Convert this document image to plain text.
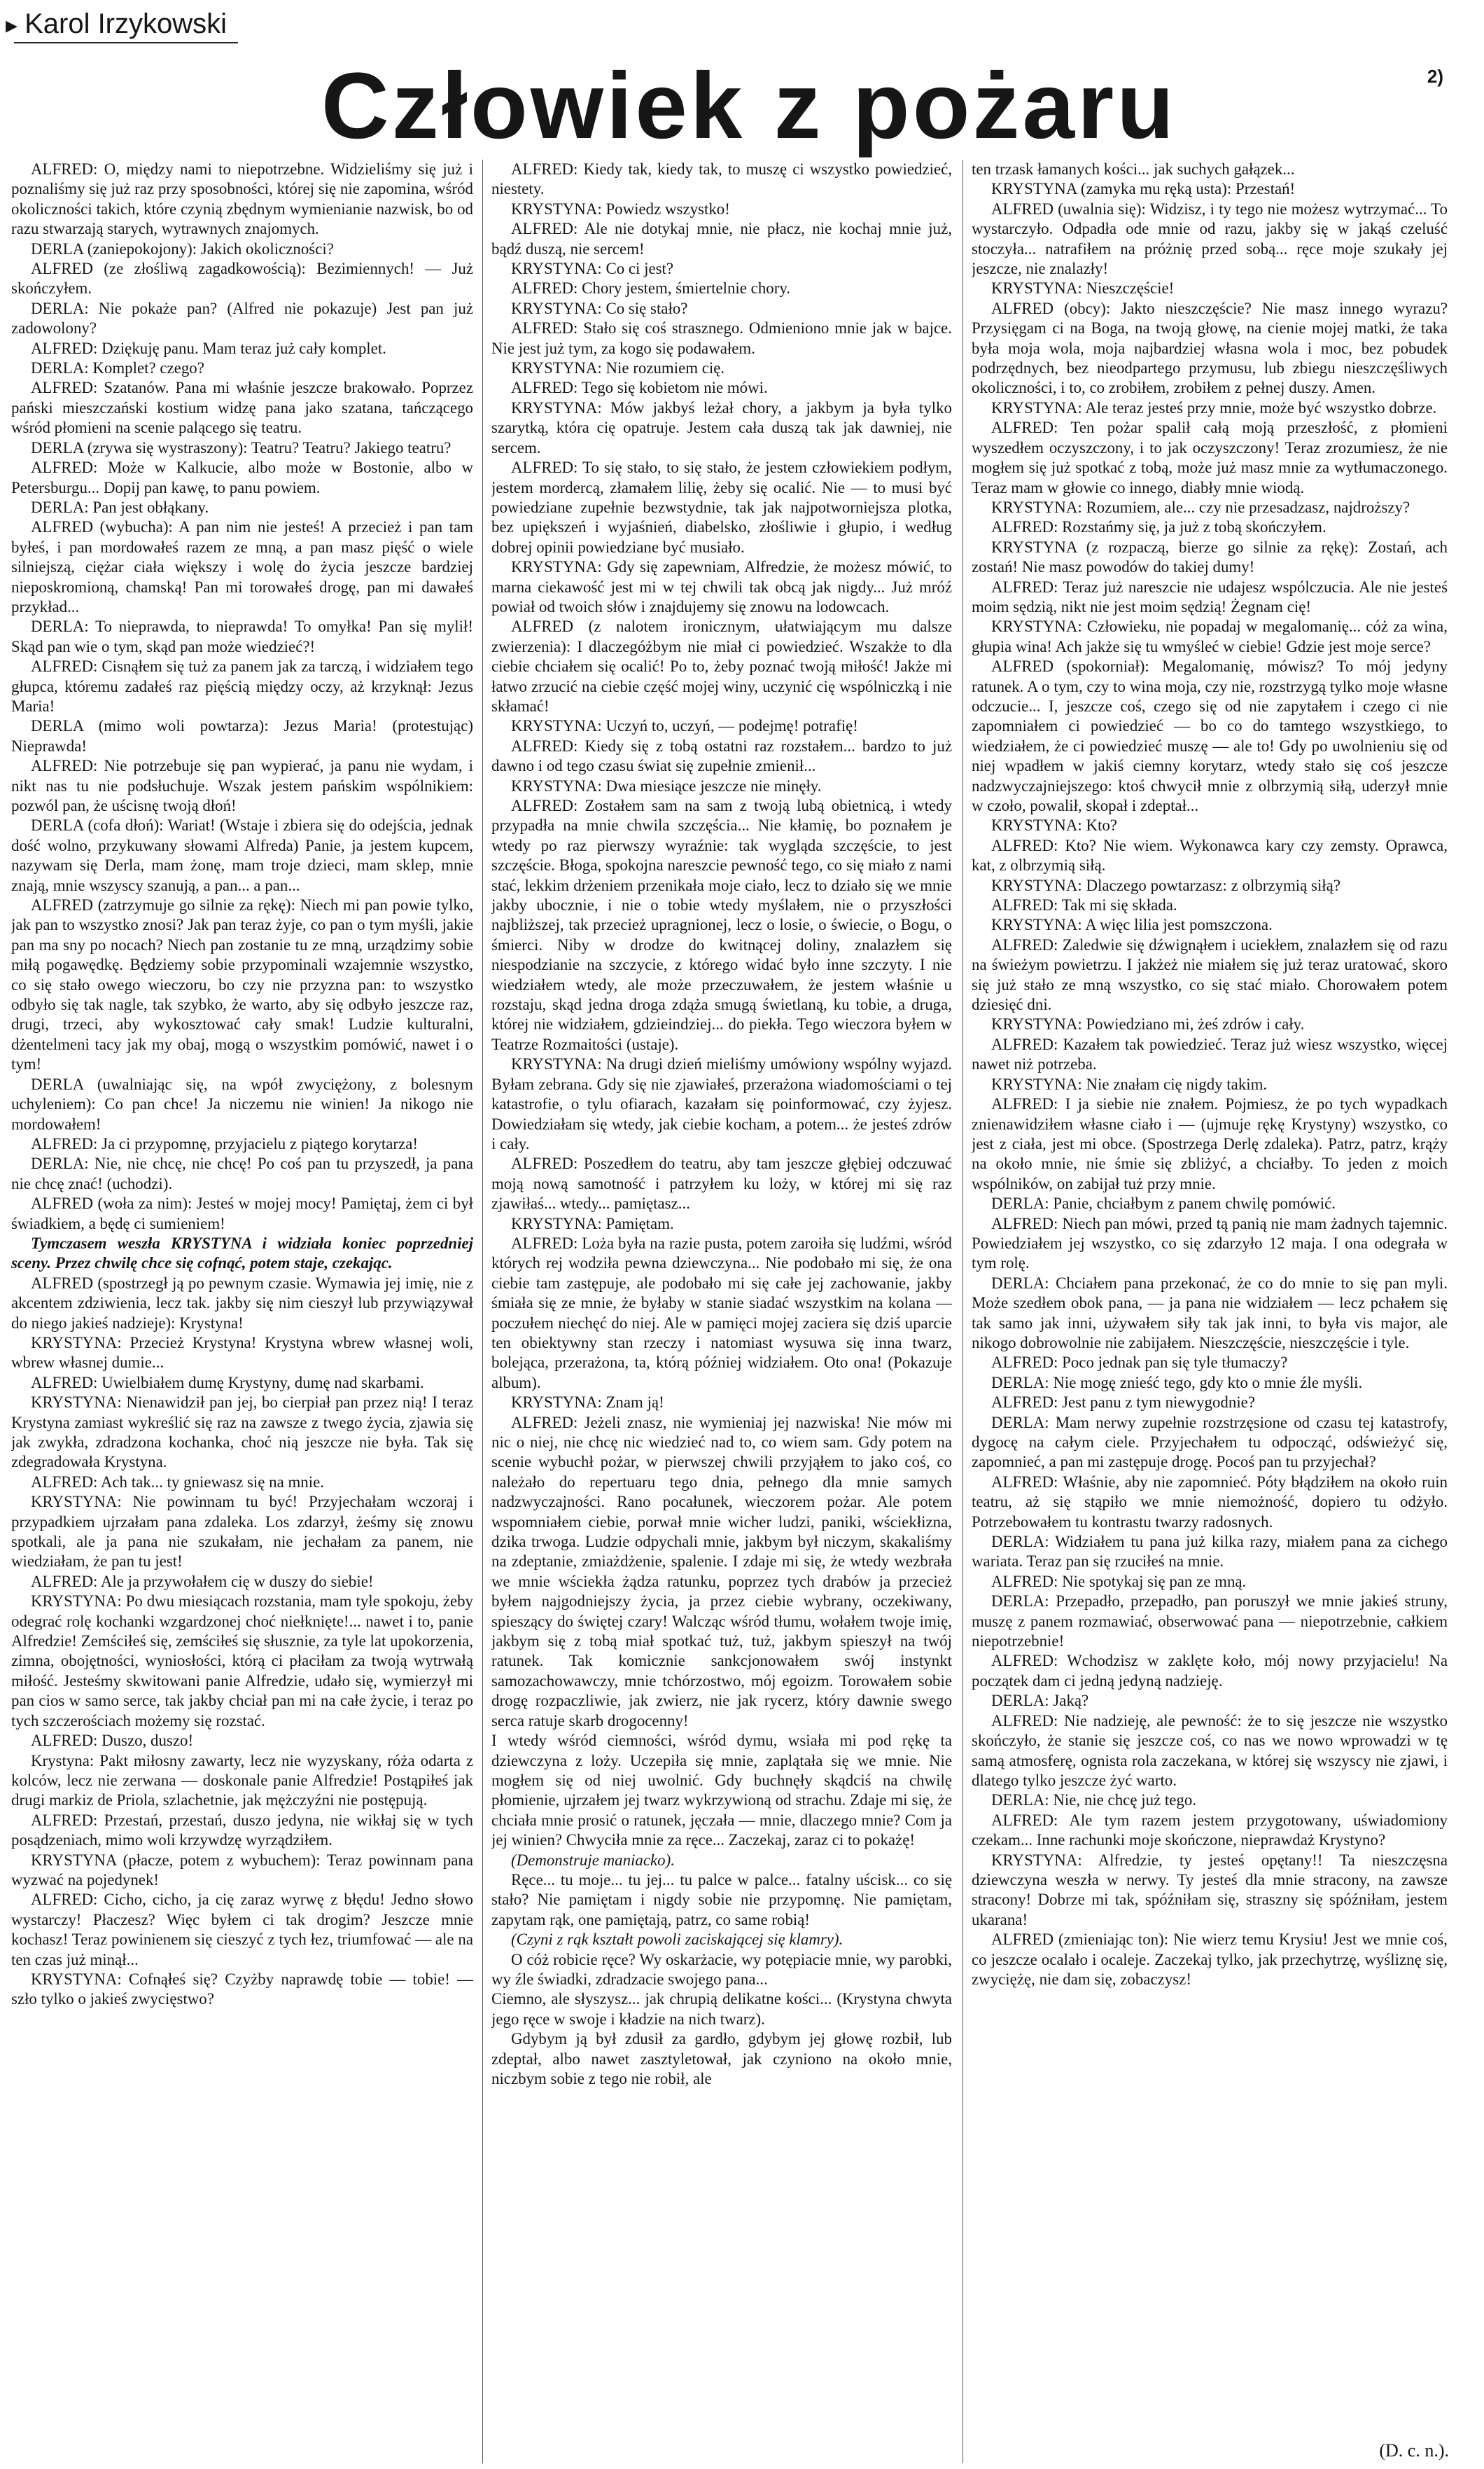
▸ Karol Irzykowski
Człowiek z pożaru	2)

ALFRED: O, między nami to niepotrzebne. Widzieliśmy się już i poznaliśmy się już raz przy sposobności, której się nie zapomina, wśród okoliczności takich, które czynią zbędnym wymienianie nazwisk, bo od razu stwarzają starych, wytrawnych znajomych.

DERLA (zaniepokojony): Jakich okoliczności?

ALFRED (ze złośliwą zagadkowością): Bezimiennych! — Już skończyłem.

DERLA: Nie pokaże pan? (Alfred nie pokazuje) Jest pan już zadowolony?

ALFRED: Dziękuję panu. Mam teraz już cały komplet.

DERLA: Komplet? czego?

ALFRED: Szatanów. Pana mi właśnie jeszcze brakowało. Poprzez pański mieszczański kostium widzę pana jako szatana, tańczącego wśród płomieni na scenie palącego się teatru.

DERLA (zrywa się wystraszony): Teatru? Teatru? Jakiego teatru?

ALFRED: Może w Kalkucie, albo może w Bostonie, albo w Petersburgu... Dopiј pan kawę, to panu powiem.

DERLA: Pan jest obłąkany.

ALFRED (wybucha): A pan nim nie jesteś! A przecież i pan tam byłeś, i pan mordowałeś razem ze mną, a pan masz pięść o wiele silniejszą, ciężar ciała większy i wolę do życia jeszcze bardziej nieposkromioną, chamską! Pan mi torowałeś drogę, pan mi dawałeś przykład...

DERLA: To nieprawda, to nieprawda! To omyłka! Pan się mylił! Skąd pan wie o tym, skąd pan może wiedzieć?!

ALFRED: Cisnąłem się tuż za panem jak za tarczą, i widziałem tego głupca, któremu zadałeś raz pięścią między oczy, aż krzyknął: Jezus Maria!

DERLA (mimo woli powtarza): Jezus Maria! (protestując) Nieprawda!

ALFRED: Nie potrzebuje się pan wypierać, ja panu nie wydam, i nikt nas tu nie podsłuchuje. Wszak jestem pańskim wspólnikiem: pozwól pan, że uścisnę twoją dłoń!

DERLA (cofa dłoń): Wariat! (Wstaje i zbiera się do odejścia, jednak dość wolno, przykuwany słowami Alfreda) Panie, ja jestem kupcem, nazywam się Derla, mam żonę, mam troje dzieci, mam sklep, mnie znają, mnie wszyscy szanują, a pan... a pan...

ALFRED (zatrzymuje go silnie za rękę): Niech mi pan powie tylko, jak pan to wszystko znosi? Jak pan teraz żyje, co pan o tym myśli, jakie pan ma sny po nocach? Niech pan zostanie tu ze mną, urządzimy sobie miłą pogawędkę. Będziemy sobie przypominali wzajemnie wszystko, co się stało owego wieczoru, bo czy nie przyzna pan: to wszystko odbyło się tak nagle, tak szybko, że warto, aby się odbyło jeszcze raz, drugi, trzeci, aby wykosztować cały smak! Ludzie kulturalni, dżentelmeni tacy jak my obaj, mogą o wszystkim pomówić, nawet i o tym!

DERLA (uwalniając się, na wpół zwyciężony, z bolesnym uchyleniem): Co pan chce! Ja niczemu nie winien! Ja nikogo nie mordowałem!

ALFRED: Ja ci przypomnę, przyjacielu z piątego korytarza!

DERLA: Nie, nie chcę, nie chcę! Po coś pan tu przyszedł, ja pana nie chcę znać! (uchodzi).

ALFRED (woła za nim): Jesteś w mojej mocy! Pamiętaj, żem ci był świadkiem, a będę ci sumieniem!

Tymczasem weszła KRYSTYNA i widziała koniec poprzedniej sceny. Przez chwilę chce się cofnąć, potem staje, czekając.

ALFRED (spostrzegł ją po pewnym czasie. Wymawia jej imię, nie z akcentem zdziwienia, lecz tak. jakby się nim cieszył lub przywiązywał do niego jakieś nadzieje): Krystyna!

KRYSTYNA: Przecież Krystyna! Krystyna wbrew własnej woli, wbrew własnej dumie...

ALFRED: Uwielbiałem dumę Krystyny, dumę nad skarbami.

KRYSTYNA: Nienawidził pan jej, bo cierpiał pan przez nią! I teraz Krystyna zamiast wykreślić się raz na zawsze z twego życia, zjawia się jak zwykła, zdradzona kochanka, choć nią jeszcze nie była. Tak się zdegradowała Krystyna.

ALFRED: Ach tak... ty gniewasz się na mnie.

KRYSTYNA: Nie powinnam tu być! Przyjechałam wczoraj i przypadkiem ujrzałam pana zdaleka. Los zdarzył, żeśmy się znowu spotkali, ale ja pana nie szukałam, nie jechałam za panem, nie wiedziałam, że pan tu jest!

ALFRED: Ale ja przywołałem cię w duszy do siebie!

KRYSTYNA: Po dwu miesiącach rozstania, mam tyle spokoju, żeby odegrać rolę kochanki wzgardzonej choć niełknięte!... nawet i to, panie Alfredzie! Zemściłeś się, zemściłeś się słusznie, za tyle lat upokorzenia, zimna, obojętności, wyniosłości, którą ci płaciłam za twoją wytrwałą miłość. Jesteśmy skwitowani panie Alfredzie, udało się, wymierzył mi pan cios w samo serce, tak jakby chciał pan mi na całe życie, i teraz po tych szczerościach możemy się rozstać.

ALFRED: Duszo, duszo!

Krystyna: Pakt miłosny zawarty, lecz nie wyzyskany, róża odarta z kolców, lecz nie zerwana — doskonale panie Alfredzie! Postąpiłeś jak drugi markiz de Priola, szlachetnie, jak mężczyźni nie postępują.

ALFRED: Przestań, przestań, duszo jedyna, nie wikłaj się w tych posądzeniach, mimo woli krzywdzę wyrządziłem.

KRYSTYNA (płacze, potem z wybuchem): Teraz powinnam pana wyzwać na pojedynek!

ALFRED: Cicho, cicho, ja cię zaraz wyrwę z błędu! Jedno słowo wystarczy! Płaczesz? Więc byłem ci tak drogim? Jeszcze mnie kochasz! Teraz powinienem się cieszyć z tych łez, triumfować — ale na ten czas już minął...

KRYSTYNA: Cofnąłeś się? Czyżby naprawdę tobie — tobie! — szło tylko o jakieś zwycięstwo?

ALFRED: Kiedy tak, kiedy tak, to muszę ci wszystko powiedzieć, niestety.

KRYSTYNA: Powiedz wszystko!

ALFRED: Ale nie dotykaj mnie, nie płacz, nie kochaj mnie już, bądź duszą, nie sercem!

KRYSTYNA: Co ci jest?

ALFRED: Chory jestem, śmiertelnie chory.

KRYSTYNA: Co się stało?

ALFRED: Stało się coś strasznego. Odmieniono mnie jak w bajce. Nie jest już tym, za kogo się podawałem.

KRYSTYNA: Nie rozumiem cię.

ALFRED: Tego się kobietom nie mówi.

KRYSTYNA: Mów jakbyś leżał chory, a jakbym ja była tylko szarytką, która cię opatruje. Jestem cała duszą tak jak dawniej, nie sercem.

ALFRED: To się stało, to się stało, że jestem człowiekiem podłym, jestem mordercą, złamałem lilię, żeby się ocalić. Nie — to musi być powiedziane zupełnie bezwstydnie, tak jak najpotworniejsza plotka, bez upiększeń i wyjaśnień, diabelsko, złośliwie i głupio, i według dobrej opinii powiedziane być musiało.

KRYSTYNA: Gdy się zapewniam, Alfredzie, że możesz mówić, to marna ciekawość jest mi w tej chwili tak obcą jak nigdy... Już mróź powiał od twoich słów i znajdujemy się znowu na lodowcach.

ALFRED (z nalotem ironicznym, ułatwiającym mu dalsze zwierzenia): I dlaczegóżbym nie miał ci powiedzieć. Wszakże to dla ciebie chciałem się ocalić! Po to, żeby poznać twoją miłość! Jakże mi łatwo zrzucić na ciebie część mojej winy, uczynić cię wspólniczką i nie skłamać!

KRYSTYNA: Uczyń to, uczyń, — podejmę! potrafię!

ALFRED: Kiedy się z tobą ostatni raz rozstałem... bardzo to już dawno i od tego czasu świat się zupełnie zmienił...

KRYSTYNA: Dwa miesiące jeszcze nie minęły.

ALFRED: Zostałem sam na sam z twoją lubą obietnicą, i wtedy przypadła na mnie chwila szczęścia... Nie kłamię, bo poznałem je wtedy po raz pierwszy wyraźnie: tak wygląda szczęście, to jest szczęście. Błoga, spokojna nareszcie pewność tego, co się miało z nami stać, lekkim drżeniem przenikała moje ciało, lecz to działo się we mnie jakby ubocznie, i nie o tobie wtedy myślałem, nie o przyszłości najbliższej, tak przecież upragnionej, lecz o losie, o świecie, o Bogu, o śmierci. Niby w drodze do kwitnącej doliny, znalazłem się niespodzianie na szczycie, z którego widać było inne szczyty. I nie wiedziałem wtedy, ale może przeczuwałem, że jestem właśnie u rozstaju, skąd jedna droga zdąża smugą świetlaną, ku tobie, a druga, której nie widziałem, gdzieindziej... do piekła. Tego wieczora byłem w Teatrze Rozmaitości (ustaje).

KRYSTYNA: Na drugi dzień mieliśmy umówiony wspólny wyjazd. Byłam zebrana. Gdy się nie zjawiałeś, przerażona wiadomościami o tej katastrofie, o tylu ofiarach, kazałam się poinformować, czy żyjesz. Dowiedziałam się wtedy, jak ciebie kocham, a potem... że jesteś zdrów i cały.

ALFRED: Poszedłem do teatru, aby tam jeszcze głębiej odczuwać moją nową samotność i patrzyłem ku loży, w której mi się raz zjawiłaś... wtedy... pamiętasz...

KRYSTYNA: Pamiętam.

ALFRED: Loża była na razie pusta, potem zaroiła się ludźmi, wśród których rej wodziła pewna dziewczyna... Nie podobało mi się, że ona ciebie tam zastępuje, ale podobało mi się całe jej zachowanie, jakby śmiała się ze mnie, że byłaby w stanie siadać wszystkim na kolana — poczułem niechęć do niej. Ale w pamięci mojej zaciera się dziś uparcie ten obiektywny stan rzeczy i natomiast wysuwa się inna twarz, bolejąca, przerażona, ta, którą później widziałem. Oto ona! (Pokazuje album).

KRYSTYNA: Znam ją!

ALFRED: Jeżeli znasz, nie wymieniaj jej nazwiska! Nie mów mi nic o niej, nie chcę nic wiedzieć nad to, co wiem sam. Gdy potem na scenie wybuchł pożar, w pierwszej chwili przyjąłem to jako coś, co należało do repertuaru tego dnia, pełnego dla mnie samych nadzwyczajności. Rano pocałunek, wieczorem pożar. Ale potem wspomniałem ciebie, porwał mnie wicher ludzi, paniki, wściekłizna, dzika trwoga. Ludzie odpychali mnie, jakbym był niczym, skakaliśmy na zdeptanie, zmiażdżenie, spalenie. I zdaje mi się, że wtedy wezbrała we mnie wściekła żądza ratunku, poprzez tych drabów ja przecież byłem najgodniejszy życia, ja przez ciebie wybrany, oczekiwany, spieszący do świętej czary! Walcząc wśród tłumu, wołałem twoje imię, jakbym się z tobą miał spotkać tuż, tuż, jakbym spieszył na twój ratunek. Tak komicznie sankcjonowałem swój instynkt samozachowawczy, mnie tchórzostwo, mój egoizm. Torowałem sobie drogę rozpaczliwie, jak zwierz, nie jak rycerz, który dawnie swego serca ratuje skarb drogocenny!

I wtedy wśród ciemności, wśród dymu, wsiała mi pod rękę ta dziewczyna z loży. Uczepiła się mnie, zaplątała się we mnie. Nie mogłem się od niej uwolnić. Gdy buchnęły skądciś na chwilę płomienie, ujrzałem jej twarz wykrzywioną od strachu. Zdaje mi się, że chciała mnie prosić o ratunek, jęczała — mnie, dlaczego mnie? Com ja jej winien? Chwyciła mnie za ręce... Zaczekaj, zaraz ci to pokażę!

(Demonstruje maniacko).

Ręce... tu moje... tu jej... tu palce w palce... fatalny uścisk... co się stało? Nie pamiętam i nigdy sobie nie przypomnę. Nie pamiętam, zapytam rąk, one pamiętają, patrz, co same robią!

(Czyni z rąk kształt powoli zaciskającej się klamry).

O cóż robicie ręce? Wy oskarżacie, wy potępiacie mnie, wy parobki, wy źle świadki, zdradzacie swojego pana...

Ciemno, ale słyszysz... jak chrupią delikatne kości... (Krystyna chwyta jego ręce w swoje i kładzie na nich twarz).

Gdybym ją był zdusił za gardło, gdybym jej głowę rozbił, lub zdeptał, albo nawet zasztyletował, jak czyniono na około mnie, niczbym sobie z tego nie robił, ale

ten trzask łamanych kości... jak suchych gałązek...

KRYSTYNA (zamyka mu ręką usta): Przestań!

ALFRED (uwalnia się): Widzisz, i ty tego nie możesz wytrzymać... To wystarczyło. Odpadła ode mnie od razu, jakby się w jakąś czeluść stoczyła... natrafiłem na próżnię przed sobą... ręce moje szukały jej jeszcze, nie znalazły!

KRYSTYNA: Nieszczęście!

ALFRED (obcy): Jakto nieszczęście? Nie masz innego wyrazu? Przysięgam ci na Boga, na twoją głowę, na cienie mojej matki, że taka była moja wola, moja najbardziej własna wola i moc, bez pobudek podrzędnych, bez nieodpartego przymusu, lub zbiegu nieszczęśliwych okoliczności, i to, co zrobiłem, zrobiłem z pełnej duszy. Amen.

KRYSTYNA: Ale teraz jesteś przy mnie, może być wszystko dobrze.

ALFRED: Ten pożar spalił całą moją przeszłość, z płomieni wyszedłem oczyszczony, i to jak oczyszczony! Teraz zrozumiesz, że nie mogłem się już spotkać z tobą, może już masz mnie za wytłumaczonego. Teraz mam w głowie co innego, diabły mnie wiodą.

KRYSTYNA: Rozumiem, ale... czy nie przesadzasz, najdroższy?

ALFRED: Rozstańmy się, ja już z tobą skończyłem.

KRYSTYNA (z rozpaczą, bierze go silnie za rękę): Zostań, ach zostań! Nie masz powodów do takiej dumy!

ALFRED: Teraz już nareszcie nie udajesz wspólczucia. Ale nie jesteś moim sędzią, nikt nie jest moim sędzią! Żegnam cię!

KRYSTYNA: Człowieku, nie popadaj w megalomanię... cóż za wina, głupia wina! Ach jakże się tu wmyśleć w ciebie! Gdzie jest moje serce?

ALFRED (spokorniał): Megalomanię, mówisz? To mój jedyny ratunek. A o tym, czy to wina moja, czy nie, rozstrzygą tylko moje własne odczucie... I, jeszcze coś, czego się od nie zapytałem i czego ci nie zapomniałem ci powiedzieć — bo co do tamtego wszystkiego, to wiedziałem, że ci powiedzieć muszę — ale to! Gdy po uwolnieniu się od niej wpadłem w jakiś ciemny korytarz, wtedy stało się coś jeszcze nadzwyczajniejszego: ktoś chwycił mnie z olbrzymią siłą, uderzył mnie w czoło, powalił, skopał i zdeptał...

KRYSTYNA: Kto?

ALFRED: Kto? Nie wiem. Wykonawca kary czy zemsty. Oprawca, kat, z olbrzymią siłą.

KRYSTYNA: Dlaczego powtarzasz: z olbrzymią siłą?

ALFRED: Tak mi się składa.

KRYSTYNA: A więc lilia jest pomszczona.

ALFRED: Zaledwie się dźwignąłem i uciekłem, znalazłem się od razu na świeżym powietrzu. I jakżeż nie miałem się już teraz uratować, skoro się już stało ze mną wszystko, co się stać miało. Chorowałem potem dziesięć dni.

KRYSTYNA: Powiedziano mi, żeś zdrów i cały.

ALFRED: Kazałem tak powiedzieć. Teraz już wiesz wszystko, więcej nawet niż potrzeba.

KRYSTYNA: Nie znałam cię nigdy takim.

ALFRED: I ja siebie nie znałem. Pojmiesz, że po tych wypadkach znienawidziłem własne ciało i — (ujmuje rękę Krystyny) wszystko, co jest z ciała, jest mi obce. (Spostrzega Derlę zdaleka). Patrz, patrz, krąży na około mnie, nie śmie się zbliżyć, a chciałby. To jeden z moich wspólników, on zabijał tuż przy mnie.

DERLA: Panie, chciałbym z panem chwilę pomówić.

ALFRED: Niech pan mówi, przed tą panią nie mam żadnych tajemnic. Powiedziałem jej wszystko, co się zdarzyło 12 maja. I ona odegrała w tym rolę.

DERLA: Chciałem pana przekonać, że co do mnie to się pan myli. Może szedłem obok pana, — ja pana nie widziałem — lecz pchałem się tak samo jak inni, używałem siły tak jak inni, to była vis major, ale nikogo dobrowolnie nie zabijałem. Nieszczęście, nieszczęście i tyle.

ALFRED: Poco jednak pan się tyle tłumaczy?

DERLA: Nie mogę znieść tego, gdy kto o mnie źle myśli.

ALFRED: Jest panu z tym niewygodnie?

DERLA: Mam nerwy zupełnie rozstrzęsione od czasu tej katastrofy, dygocę na całym ciele. Przyjechałem tu odpocząć, odświeżyć się, zapomnieć, a pan mi zastępuje drogę. Pocoś pan tu przyjechał?

ALFRED: Właśnie, aby nie zapomnieć. Póty błądziłem na około ruin teatru, aż się stąpiło we mnie niemożność, dopiero tu odżyło. Potrzebowałem tu kontrastu twarzy radosnych.

DERLA: Widziałem tu pana już kilka razy, miałem pana za cichego wariata. Teraz pan się rzuciłeś na mnie.

ALFRED: Nie spotykaj się pan ze mną.

DERLA: Przepadło, przepadło, pan poruszył we mnie jakieś struny, muszę z panem rozmawiać, obserwować pana — niepotrzebnie, całkiem niepotrzebnie!

ALFRED: Wchodzisz w zaklęte koło, mój nowy przyjacielu! Na początek dam ci jedną jedyną nadzieję.

DERLA: Jaką?

ALFRED: Nie nadzieję, ale pewność: że to się jeszcze nie wszystko skończyło, że stanie się jeszcze coś, co nas we nowo wprowadzi w tę samą atmosferę, ognista rola zaczekana, w której się wszyscy nie zjawi, i dlatego tylko jeszcze żyć warto.

DERLA: Nie, nie chcę już tego.

ALFRED: Ale tym razem jestem przygotowany, uświadomiony czekam... Inne rachunki moje skończone, nieprawdaż Krystyno?

KRYSTYNA: Alfredzie, ty jesteś opętany!! Ta nieszczęsna dziewczyna weszła w nerwy. Ty jesteś dla mnie stracony, na zawsze stracony! Dobrze mi tak, spóźniłam się, straszny się spóźniłam, jestem ukarana!

ALFRED (zmieniając ton): Nie wierz temu Krysiu! Jest we mnie coś, co jeszcze ocalało i ocaleje. Zaczekaj tylko, jak przechytrzę, wyśliznę się, zwyciężę, nie dam się, zobaczysz!

(D. c. n.).
